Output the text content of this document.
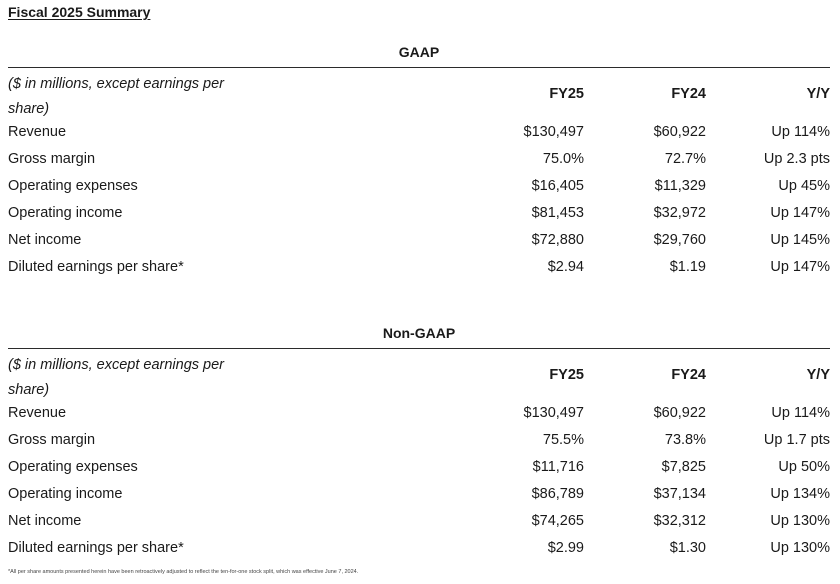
Fiscal 2025 Summary
GAAP
($ in millions, except earnings per share)
FY25	FY24	Y/Y
Revenue	$130,497	$60,922	Up 114%
Gross margin	75.0%	72.7%	Up 2.3 pts
Operating expenses	$16,405	$11,329	Up 45%
Operating income	$81,453	$32,972	Up 147%
Net income	$72,880	$29,760	Up 145%
Diluted earnings per share*	$2.94	$1.19	Up 147%
Non-GAAP
($ in millions, except earnings per share)
FY25	FY24	Y/Y
Revenue	$130,497	$60,922	Up 114%
Gross margin	75.5%	73.8%	Up 1.7 pts
Operating expenses	$11,716	$7,825	Up 50%
Operating income	$86,789	$37,134	Up 134%
Net income	$74,265	$32,312	Up 130%
Diluted earnings per share*	$2.99	$1.30	Up 130%
*All per share amounts presented herein have been retroactively adjusted to reflect the ten-for-one stock split, which was effective June 7, 2024.
